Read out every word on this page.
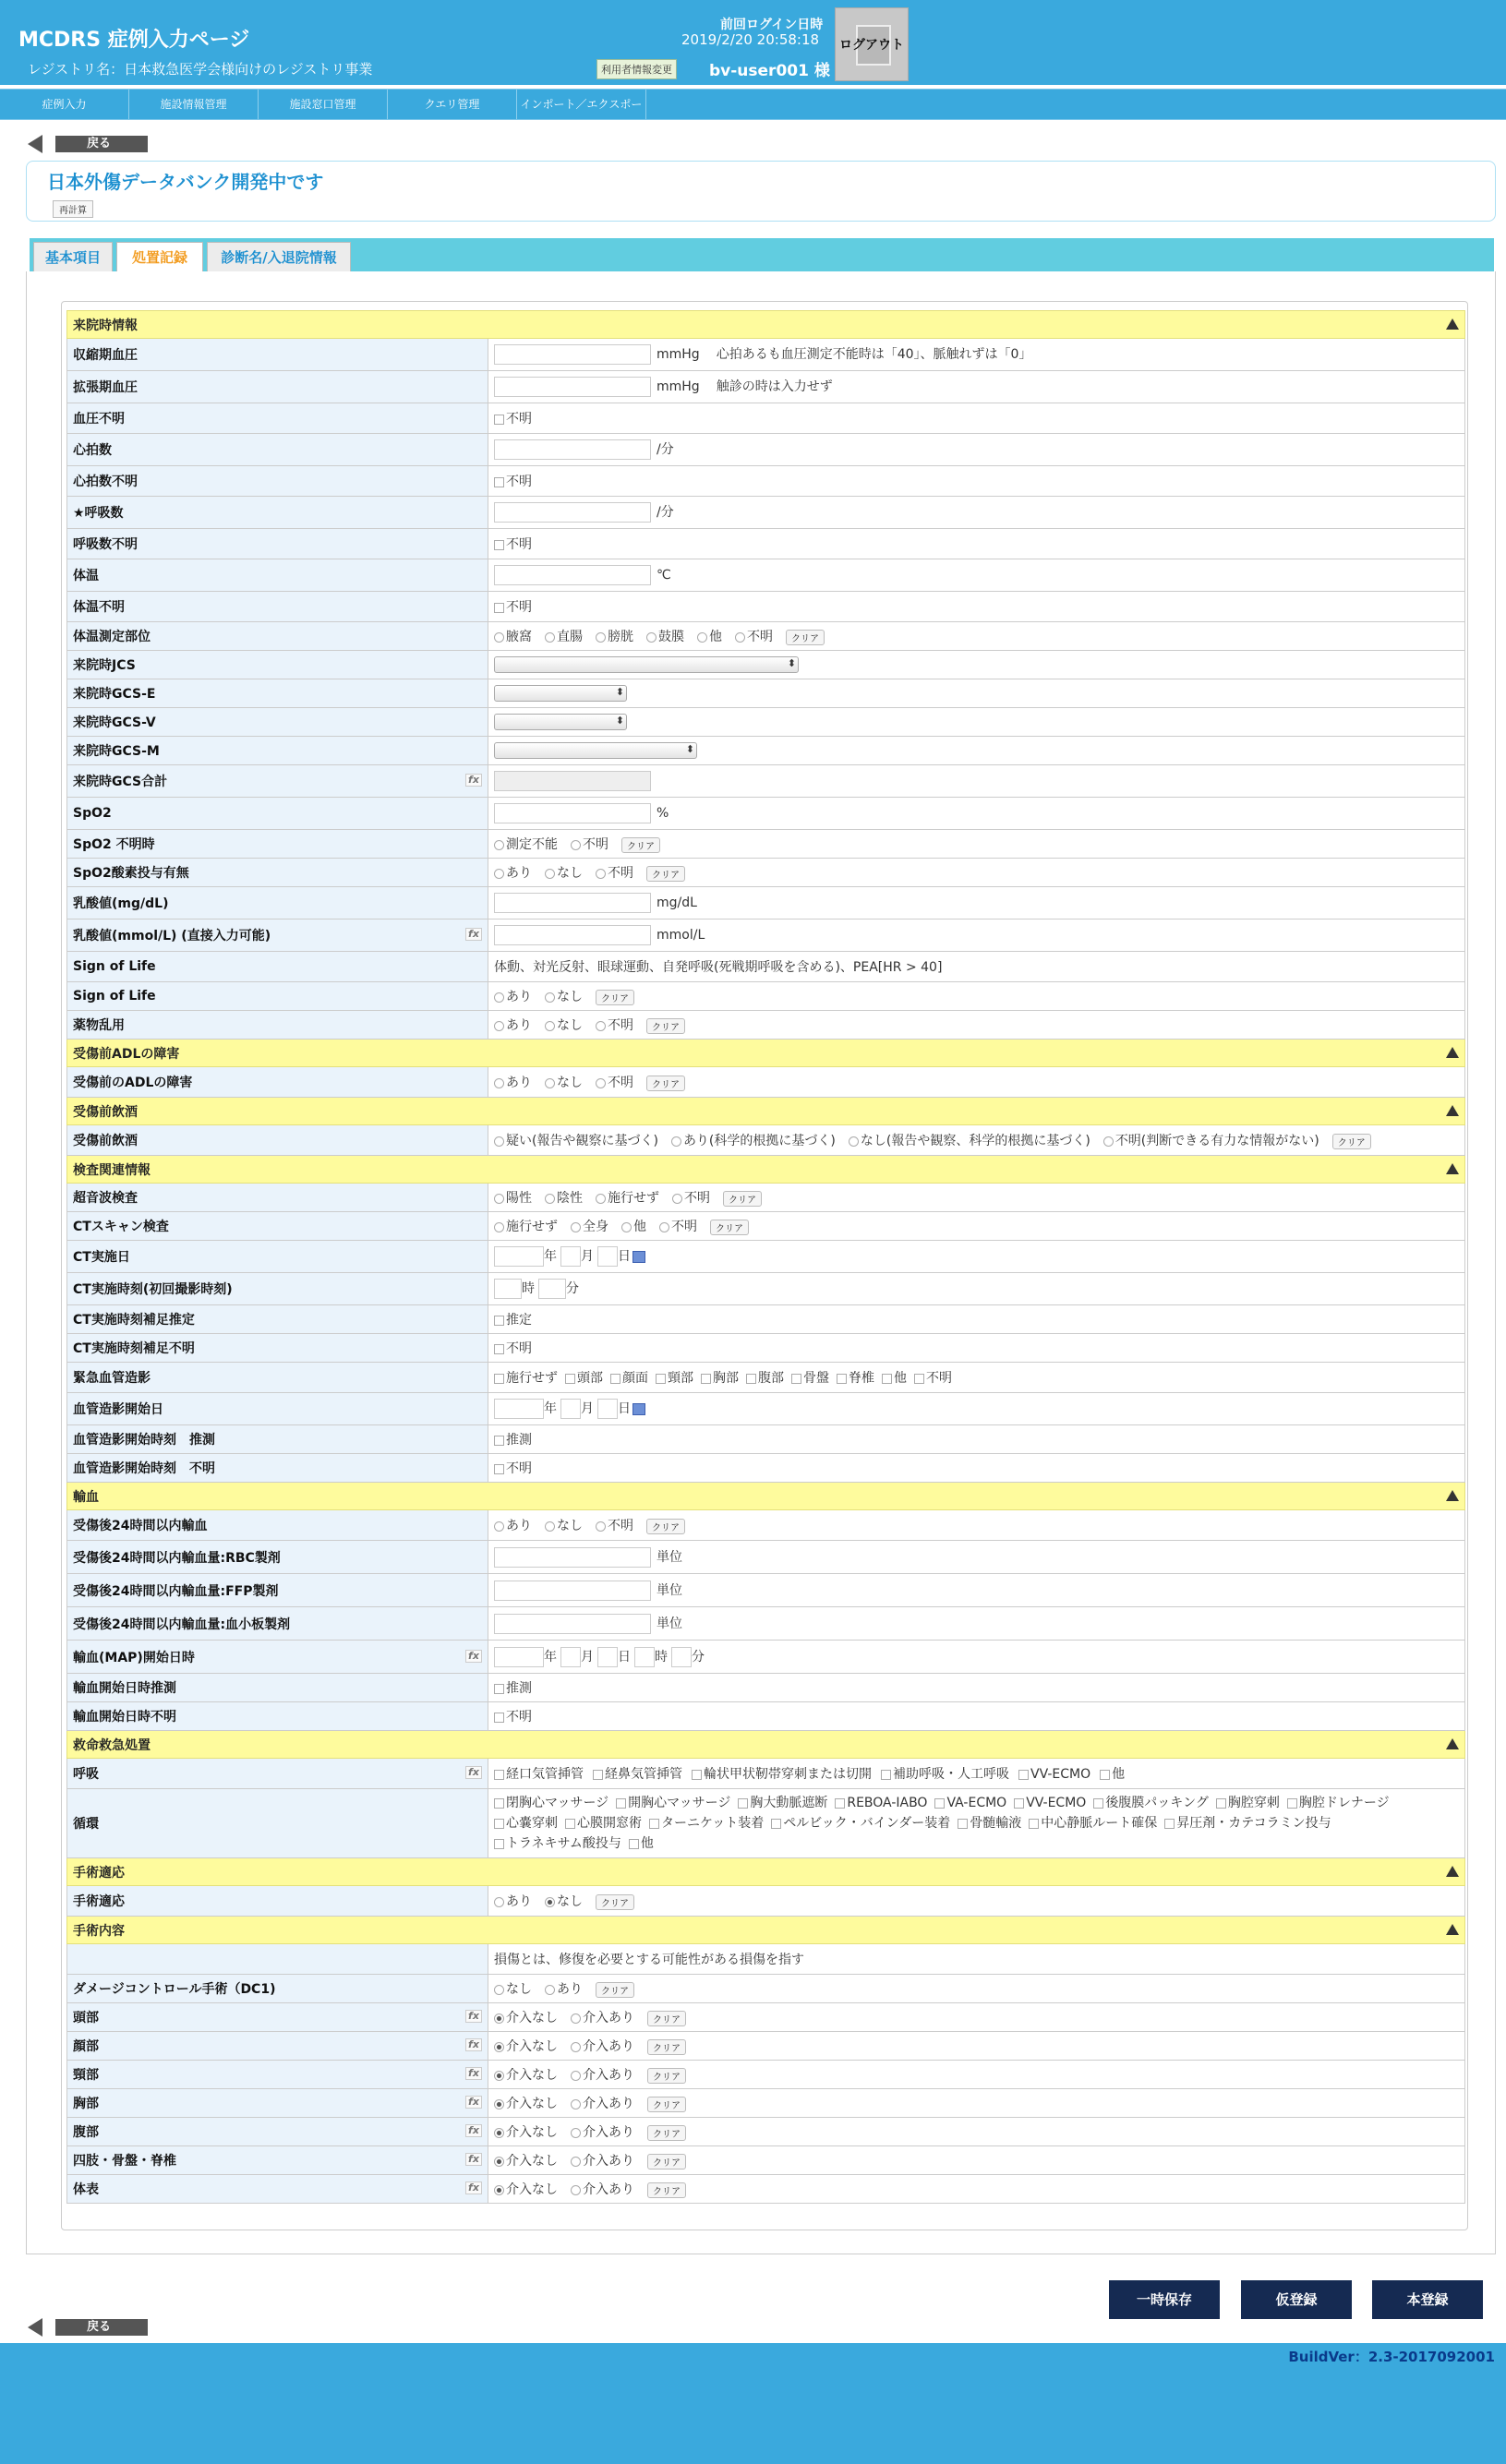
MCDRS 症例入力ページ
レジストリ名：日本救急医学会様向けのレジストリ事業
前回ログイン日時
2019/2/20 20:58:18
利用者情報変更 bv-user001 様
ログアウト
症例入力	施設情報管理	施設窓口管理	クエリ管理	インポート／エクスポート
戻る
日本外傷データバンク開発中です
再計算
基本項目	処置記録	診断名/入退院情報
来院時情報	

収縮期血圧	mmHg 心拍あるも血圧測定不能時は「40」、脈触れずは「0」
拡張期血圧	mmHg 触診の時は入力せず
血圧不明	不明
心拍数	/分
心拍数不明	不明
★呼吸数	/分
呼吸数不明	不明
体温	℃
体温不明	不明
体温測定部位	腋窩 直腸 膀胱 鼓膜 他 不明 クリア
来院時JCS	⬍
来院時GCS-E	⬍
来院時GCS-V	⬍
来院時GCS-M	⬍
来院時GCS合計 fx	

SpO2	%
SpO2 不明時	測定不能 不明 クリア
SpO2酸素投与有無	あり なし 不明 クリア
乳酸値(mg/dL)	mg/dL
乳酸値(mmol/L) (直接入力可能) fx	mmol/L
Sign of Life	体動、対光反射、眼球運動、自発呼吸(死戦期呼吸を含める)、PEA[HR > 40]
Sign of Life	あり なし クリア
薬物乱用	あり なし 不明 クリア
受傷前ADLの障害	

受傷前のADLの障害	あり なし 不明 クリア
受傷前飲酒	

受傷前飲酒	疑い(報告や観察に基づく) あり(科学的根拠に基づく) なし(報告や観察、科学的根拠に基づく) 不明(判断できる有力な情報がない) クリア
検査関連情報	

超音波検査	陽性 陰性 施行せず 不明 クリア
CTスキャン検査	施行せず 全身 他 不明 クリア
CT実施日	年 月 日
CT実施時刻(初回撮影時刻)	時 分
CT実施時刻補足推定	推定
CT実施時刻補足不明	不明
緊急血管造影	施行せず 頭部 顔面 頸部 胸部 腹部 骨盤 脊椎 他 不明
血管造影開始日	年 月 日
血管造影開始時刻　推測	推測
血管造影開始時刻　不明	不明
輸血	

受傷後24時間以内輸血	あり なし 不明 クリア
受傷後24時間以内輸血量:RBC製剤	単位
受傷後24時間以内輸血量:FFP製剤	単位
受傷後24時間以内輸血量:血小板製剤	単位
輸血(MAP)開始日時 fx	年 月 日 時 分
輸血開始日時推測	推測
輸血開始日時不明	不明
救命救急処置	

呼吸 fx	経口気管挿管 経鼻気管挿管 輪状甲状靭帯穿刺または切開 補助呼吸・人工呼吸 VV-ECMO 他
循環	閉胸心マッサージ 開胸心マッサージ 胸大動脈遮断 REBOA-IABO VA-ECMO VV-ECMO 後腹膜パッキング 胸腔穿刺 胸腔ドレナージ心嚢穿刺 心膜開窓術 ターニケット装着 ペルビック・バインダー装着 骨髄輸液 中心静脈ルート確保 昇圧剤・カテコラミン投与トラネキサム酸投与 他
手術適応	

手術適応	あり なし クリア
手術内容	

	損傷とは、修復を必要とする可能性がある損傷を指す
ダメージコントロール手術（DC1)	なし あり クリア
頭部 fx	介入なし 介入あり クリア
顔部 fx	介入なし 介入あり クリア
頸部 fx	介入なし 介入あり クリア
胸部 fx	介入なし 介入あり クリア
腹部 fx	介入なし 介入あり クリア
四肢・骨盤・脊椎 fx	介入なし 介入あり クリア
体表 fx	介入なし 介入あり クリア
一時保存	仮登録	本登録
戻る
BuildVer：2.3-2017092001
